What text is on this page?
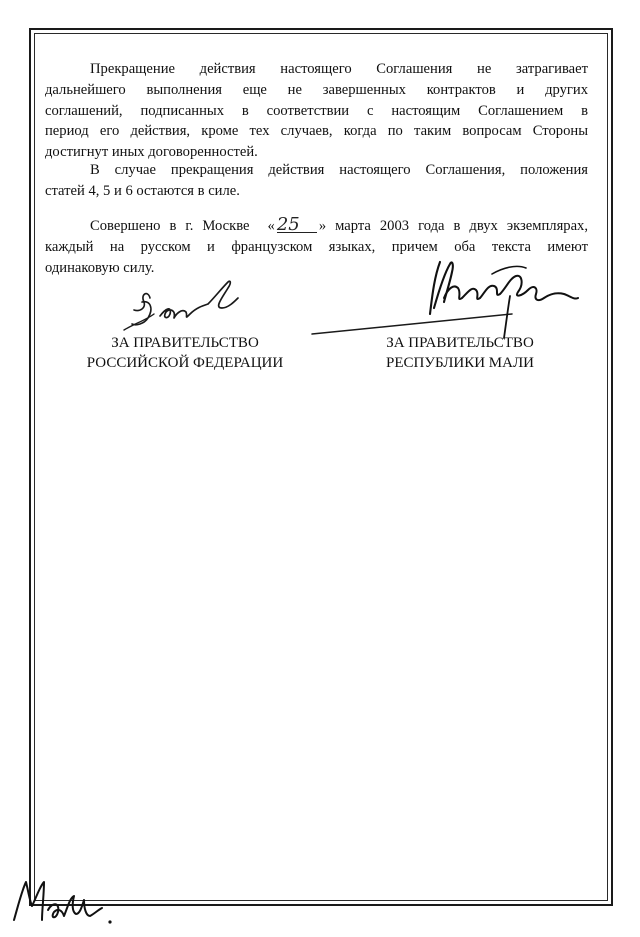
Прекращение действия настоящего Соглашения не затрагивает
дальнейшего выполнения еще не завершенных контрактов и других
соглашений, подписанных в соответствии с настоящим Соглашением в
период его действия, кроме тех случаев, когда по таким вопросам Стороны
достигнут иных договоренностей.
В случае прекращения действия настоящего Соглашения, положения
статей 4, 5 и 6 остаются в силе.
Совершено в г. Москве « 25 » марта 2003 года в двух экземплярах,
каждый на русском и французском языках, причем оба текста имеют
одинаковую силу.
ЗА ПРАВИТЕЛЬСТВО
РОССИЙСКОЙ ФЕДЕРАЦИИ
ЗА ПРАВИТЕЛЬСТВО
РЕСПУБЛИКИ МАЛИ
